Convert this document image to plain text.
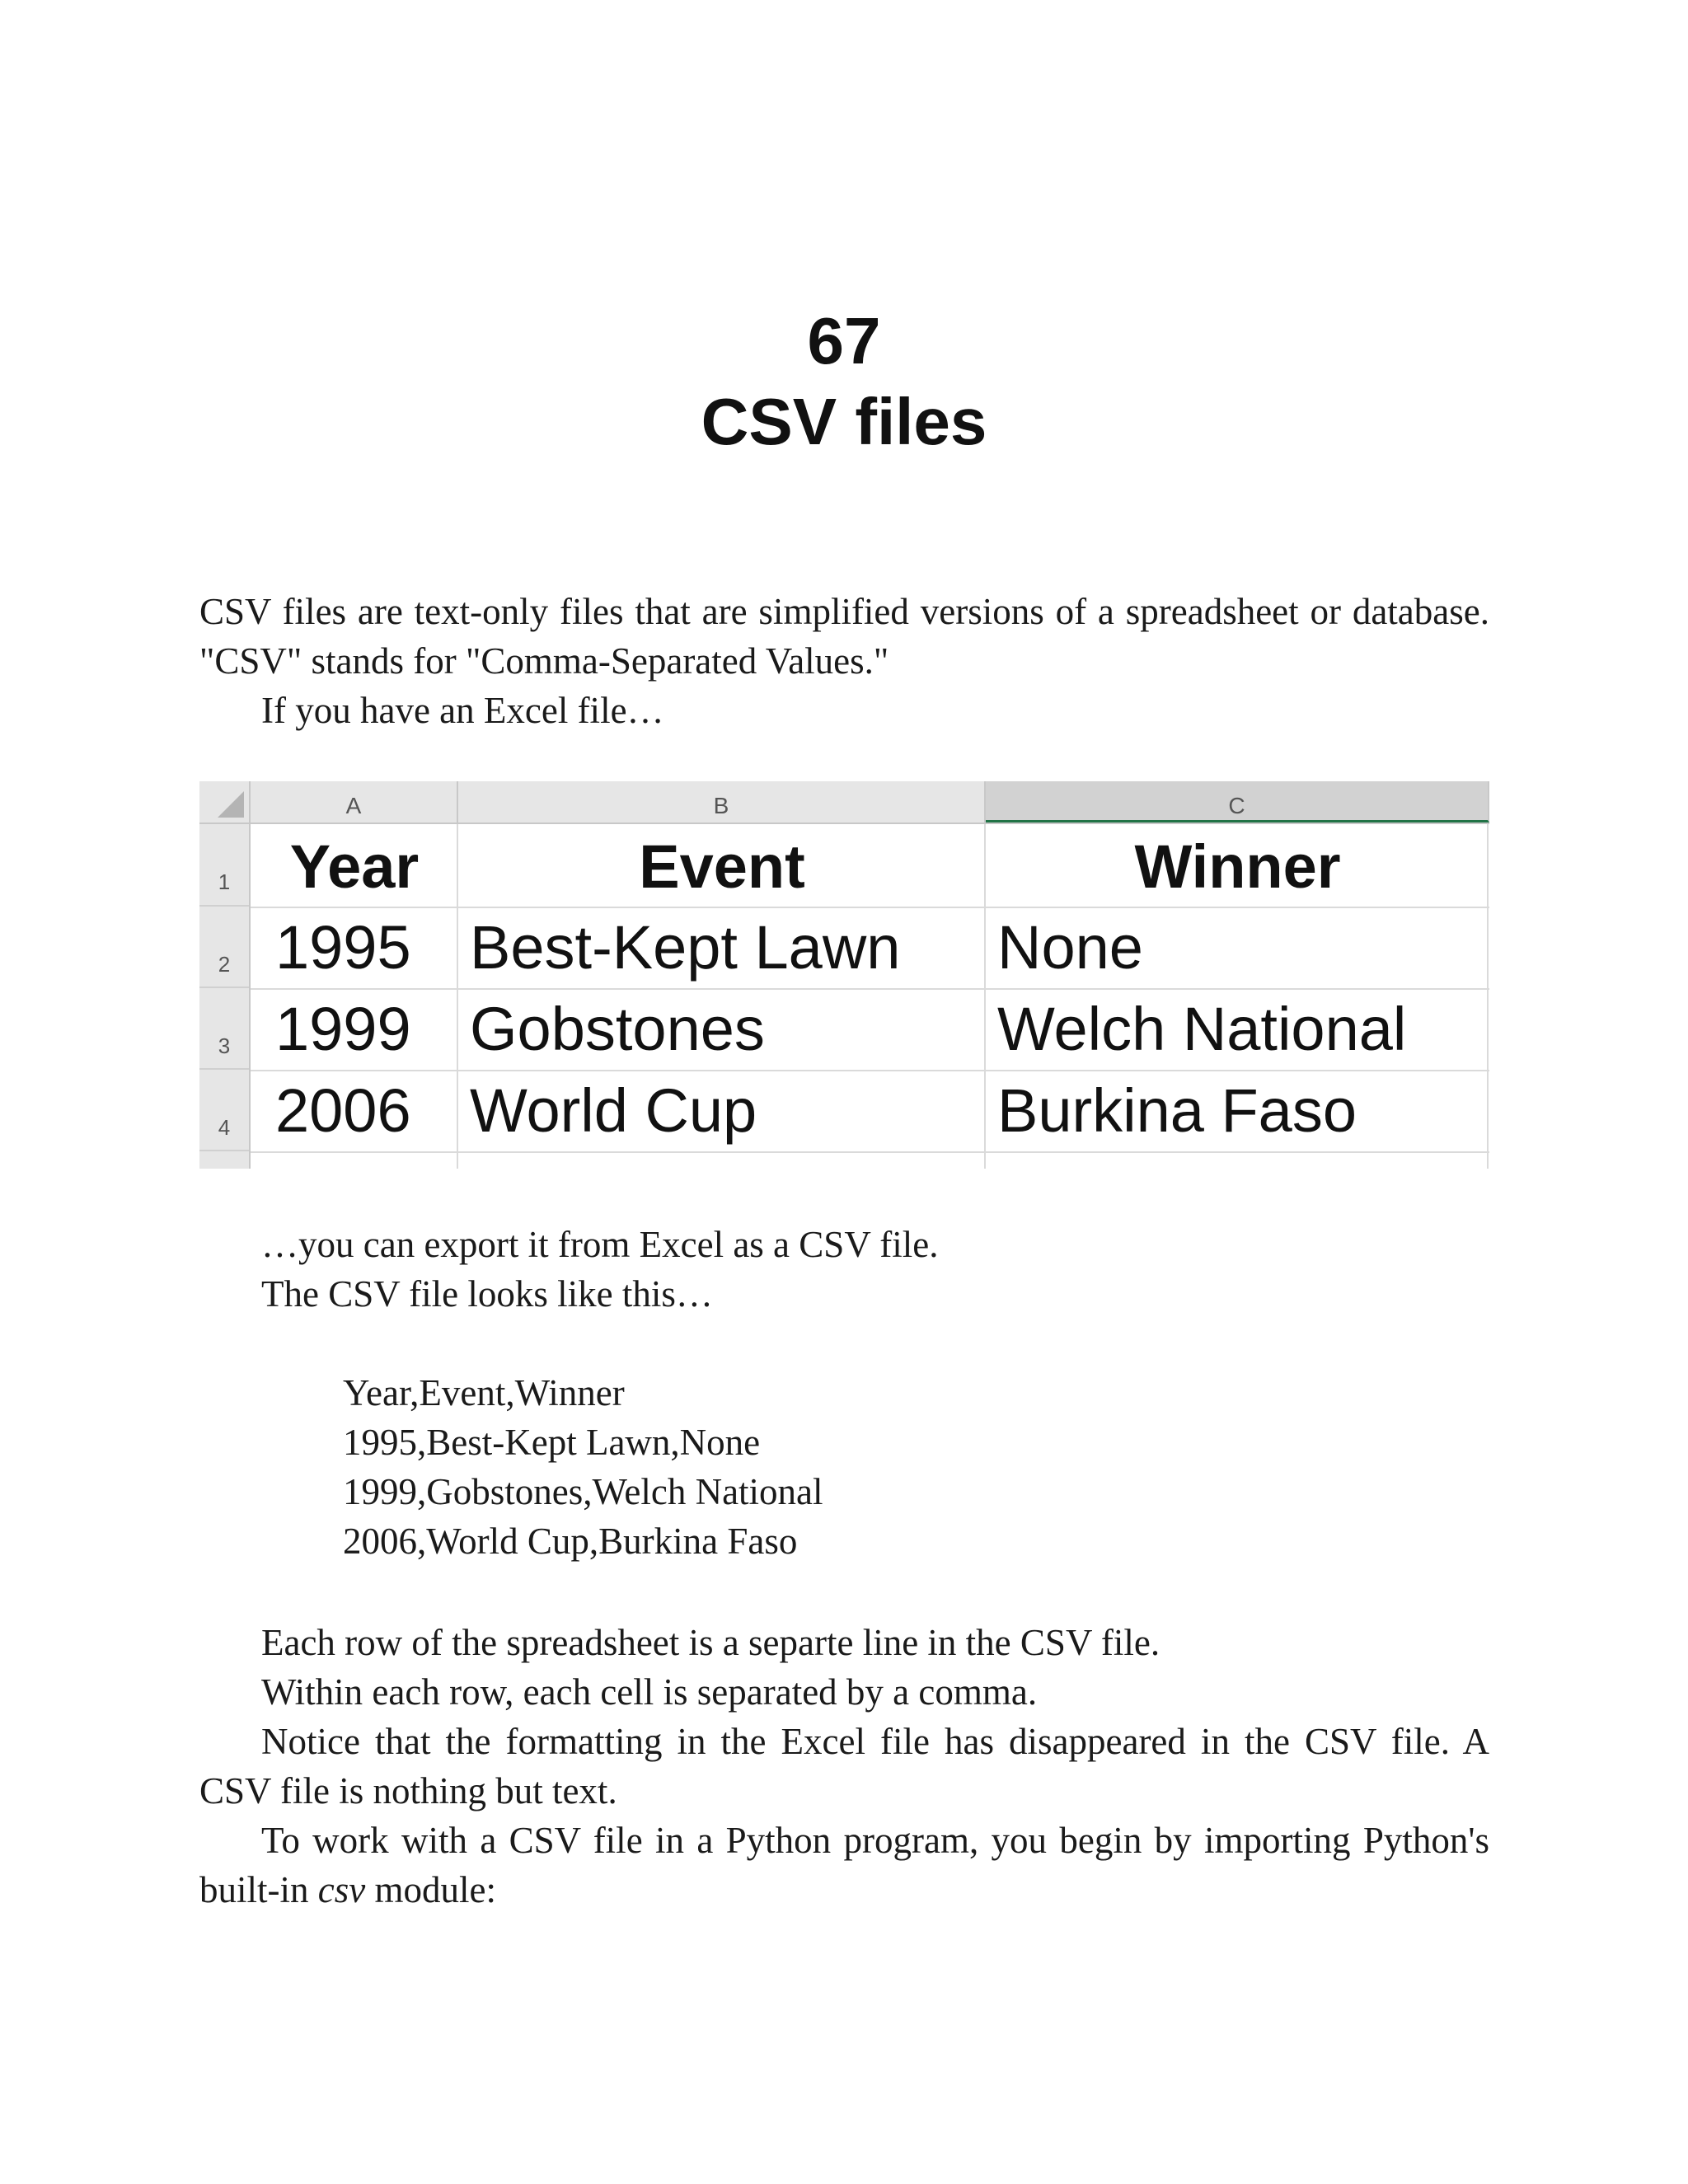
67
CSV files

CSV files are text-only files that are simplified versions of a spreadsheet or database. "CSV" stands for "Comma-Separated Values."

If you have an Excel file…

A	B	C
1
2
3
4
Year	Event	Winner
1995 Best-Kept Lawn	None
1999 Gobstones	Welch National
2006 World Cup	Burkina Faso

…you can export it from Excel as a CSV file.

The CSV file looks like this…

Year,Event,Winner
1995,Best-Kept Lawn,None
1999,Gobstones,Welch National
2006,World Cup,Burkina Faso

Each row of the spreadsheet is a separte line in the CSV file.

Within each row, each cell is separated by a comma.

Notice that the formatting in the Excel file has disappeared in the CSV file. A CSV file is nothing but text.

To work with a CSV file in a Python program, you begin by importing Python's built-in csv module:
